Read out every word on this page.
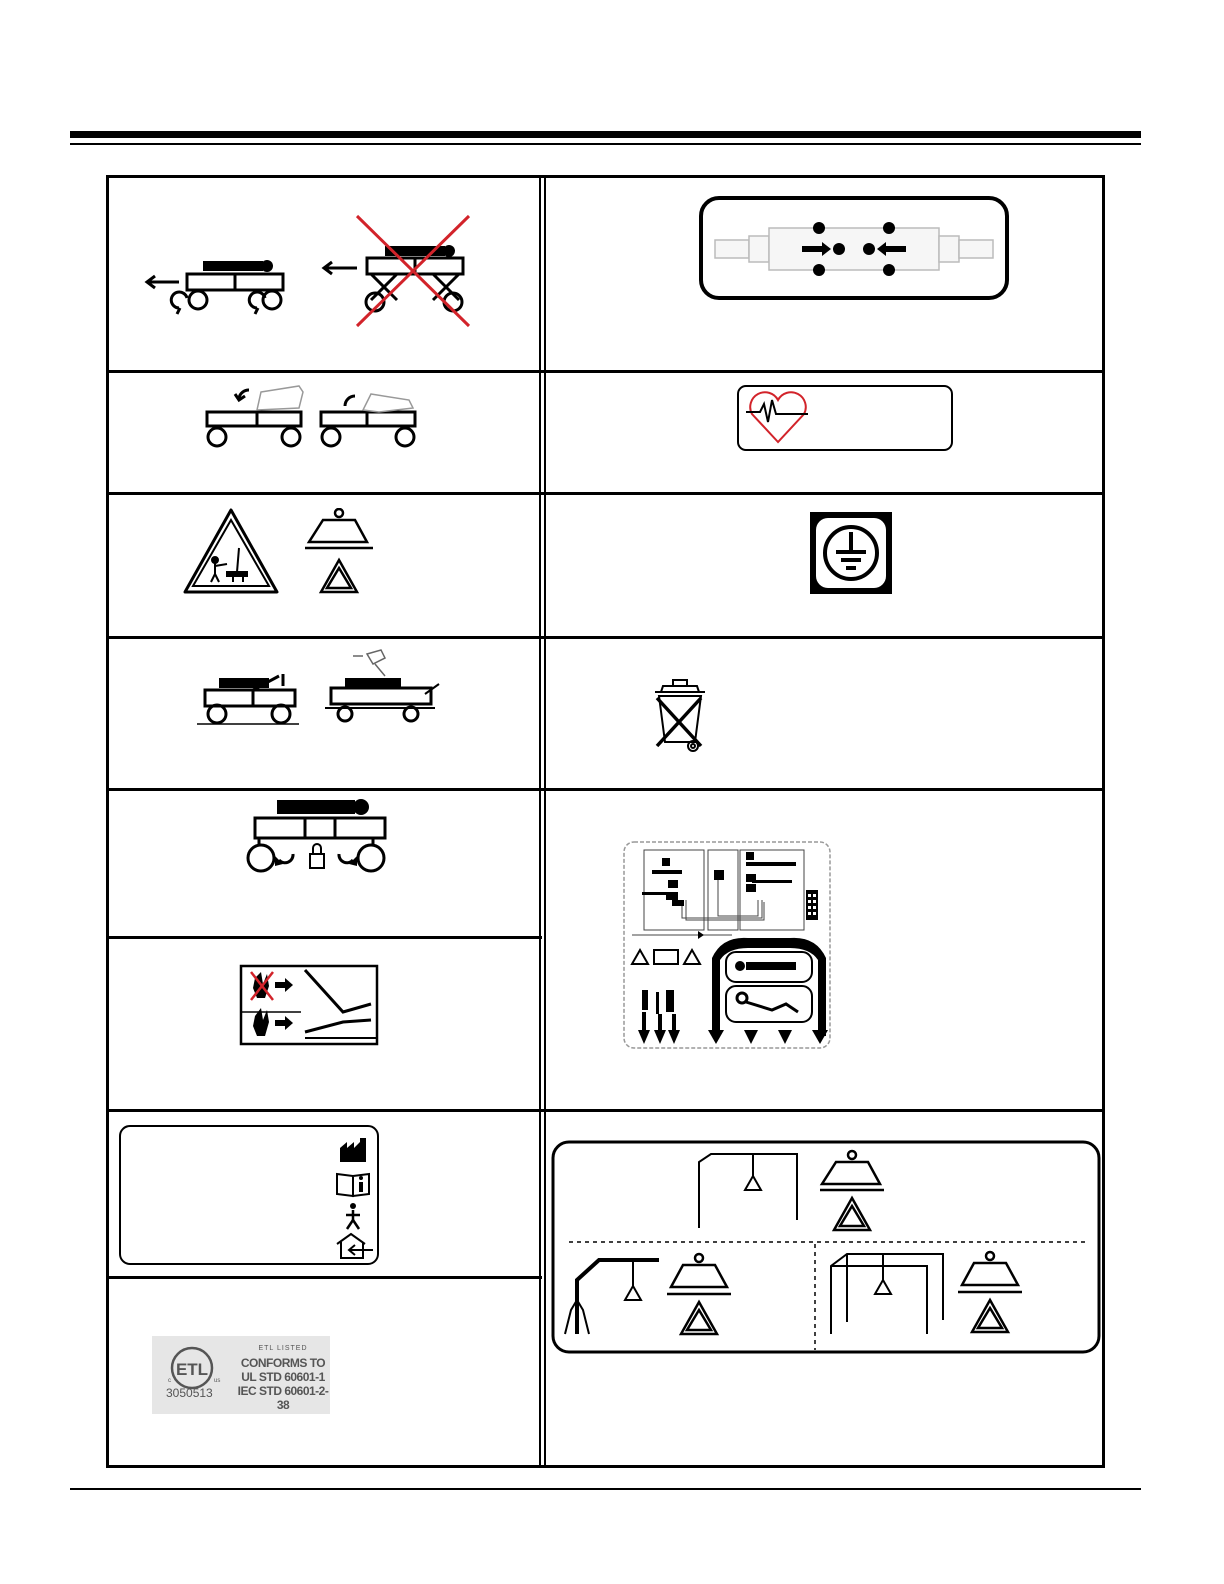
ETL
c	us
3050513
ETL LISTED
CONFORMS TO
UL STD 60601-1
IEC STD 60601-2-38
